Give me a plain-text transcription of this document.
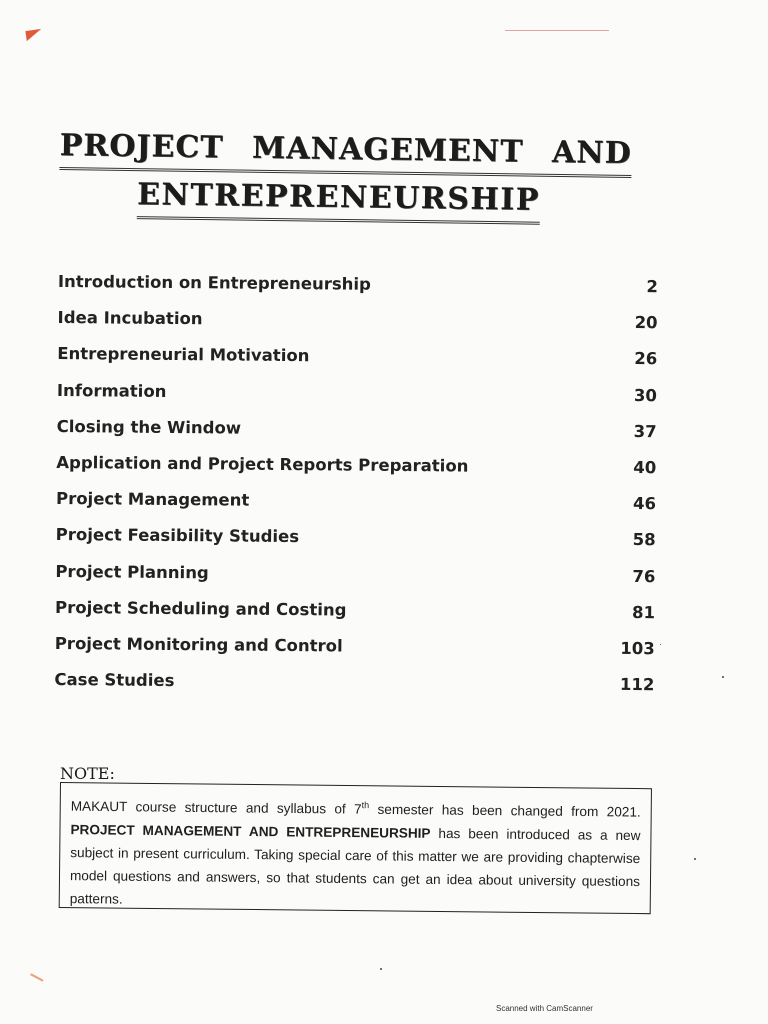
PROJECT MANAGEMENT AND
ENTREPRENEURSHIP
Introduction on Entrepreneurship	2
Idea Incubation	20
Entrepreneurial Motivation	26
Information	30
Closing the Window	37
Application and Project Reports Preparation	40
Project Management	46
Project Feasibility Studies	58
Project Planning	76
Project Scheduling and Costing	81
Project Monitoring and Control	103
Case Studies	112
NOTE:
MAKAUT course structure and syllabus of 7th semester has been changed from 2021. PROJECT MANAGEMENT AND ENTREPRENEURSHIP has been introduced as a new subject in present curriculum. Taking special care of this matter we are providing chapterwise model questions and answers, so that students can get an idea about university questions patterns.
Scanned with CamScanner
